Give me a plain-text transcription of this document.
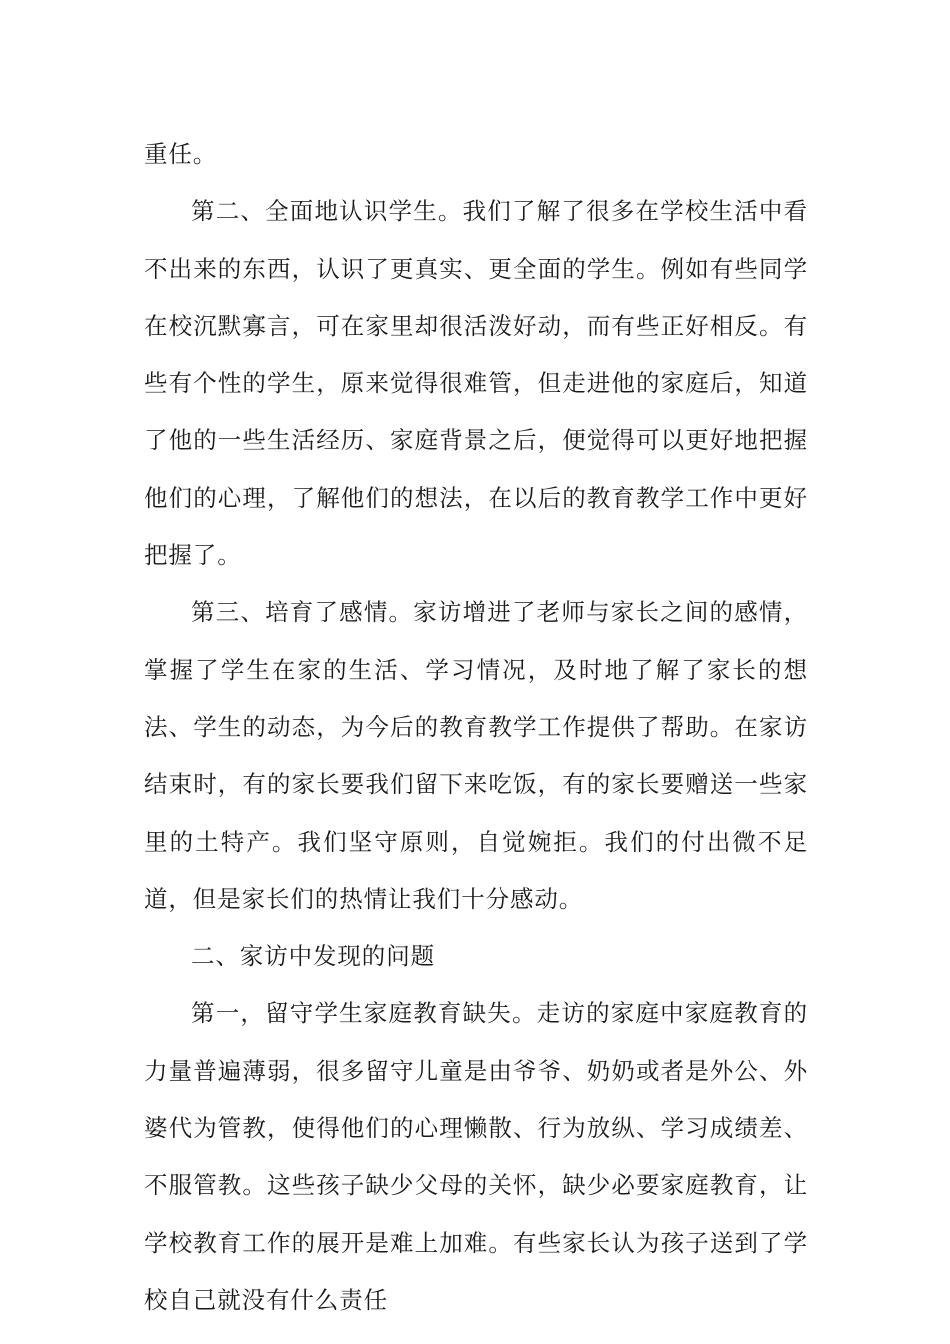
重任。

第二、全面地认识学生。我们了解了很多在学校生活中看不出来的东西，认识了更真实、更全面的学生。例如有些同学在校沉默寡言，可在家里却很活泼好动，而有些正好相反。有些有个性的学生，原来觉得很难管，但走进他的家庭后，知道了他的一些生活经历、家庭背景之后，便觉得可以更好地把握他们的心理，了解他们的想法，在以后的教育教学工作中更好把握了。

第三、培育了感情。家访增进了老师与家长之间的感情，掌握了学生在家的生活、学习情况，及时地了解了家长的想法、学生的动态，为今后的教育教学工作提供了帮助。在家访结束时，有的家长要我们留下来吃饭，有的家长要赠送一些家里的土特产。我们坚守原则，自觉婉拒。我们的付出微不足道，但是家长们的热情让我们十分感动。

二、家访中发现的问题

第一，留守学生家庭教育缺失。走访的家庭中家庭教育的力量普遍薄弱，很多留守儿童是由爷爷、奶奶或者是外公、外婆代为管教，使得他们的心理懒散、行为放纵、学习成绩差、不服管教。这些孩子缺少父母的关怀，缺少必要家庭教育，让学校教育工作的展开是难上加难。有些家长认为孩子送到了学校自己就没有什么责任
